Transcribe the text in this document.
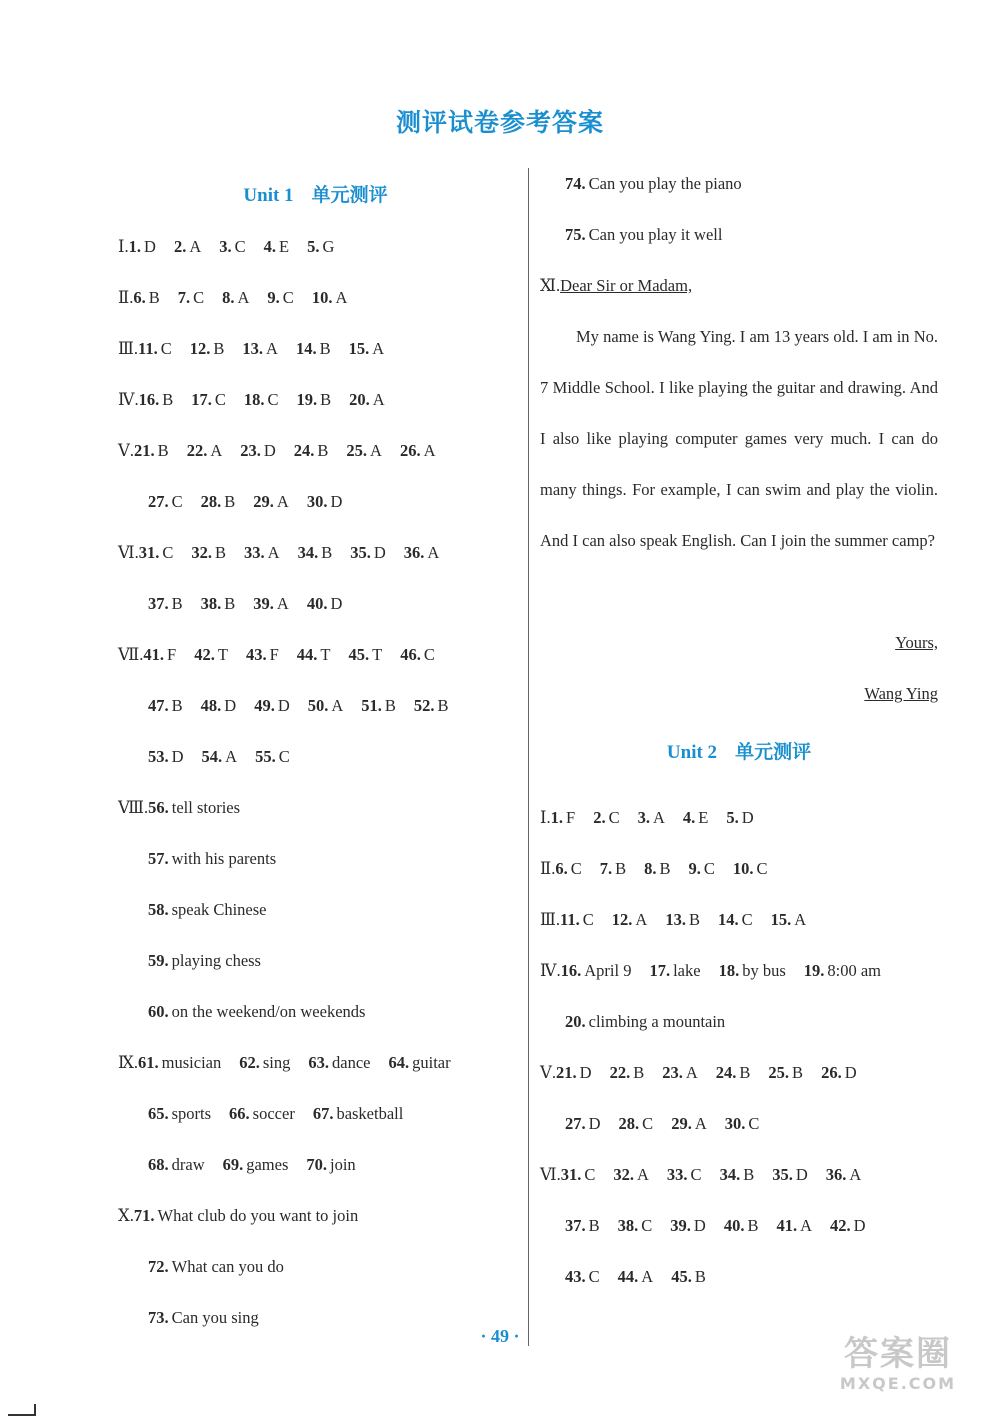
测评试卷参考答案
Unit 1 单元测评
Ⅰ.1. D 2. A 3. C 4. E 5. G
Ⅱ.6. B 7. C 8. A 9. C 10. A
Ⅲ.11. C 12. B 13. A 14. B 15. A
Ⅳ.16. B 17. C 18. C 19. B 20. A
Ⅴ.21. B 22. A 23. D 24. B 25. A 26. A
27. C 28. B 29. A 30. D
Ⅵ.31. C 32. B 33. A 34. B 35. D 36. A
37. B 38. B 39. A 40. D
Ⅶ.41. F 42. T 43. F 44. T 45. T 46. C
47. B 48. D 49. D 50. A 51. B 52. B
53. D 54. A 55. C
Ⅷ.56. tell stories
57. with his parents
58. speak Chinese
59. playing chess
60. on the weekend/on weekends
Ⅸ.61. musician 62. sing 63. dance 64. guitar
65. sports 66. soccer 67. basketball
68. draw 69. games 70. join
Ⅹ.71. What club do you want to join
72. What can you do
73. Can you sing
74. Can you play the piano
75. Can you play it well
Ⅺ.Dear Sir or Madam,
My name is Wang Ying. I am 13 years old. I am in No. 7 Middle School. I like playing the guitar and drawing. And I also like playing computer games very much. I can do many things. For example, I can swim and play the violin. And I can also speak English. Can I join the summer camp?
Yours,
Wang Ying
Unit 2 单元测评
Ⅰ.1. F 2. C 3. A 4. E 5. D
Ⅱ.6. C 7. B 8. B 9. C 10. C
Ⅲ.11. C 12. A 13. B 14. C 15. A
Ⅳ.16. April 9 17. lake 18. by bus 19. 8:00 am
20. climbing a mountain
Ⅴ.21. D 22. B 23. A 24. B 25. B 26. D
27. D 28. C 29. A 30. C
Ⅵ.31. C 32. A 33. C 34. B 35. D 36. A
37. B 38. C 39. D 40. B 41. A 42. D
43. C 44. A 45. B
· 49 ·	答案圈
MXQE.COM
